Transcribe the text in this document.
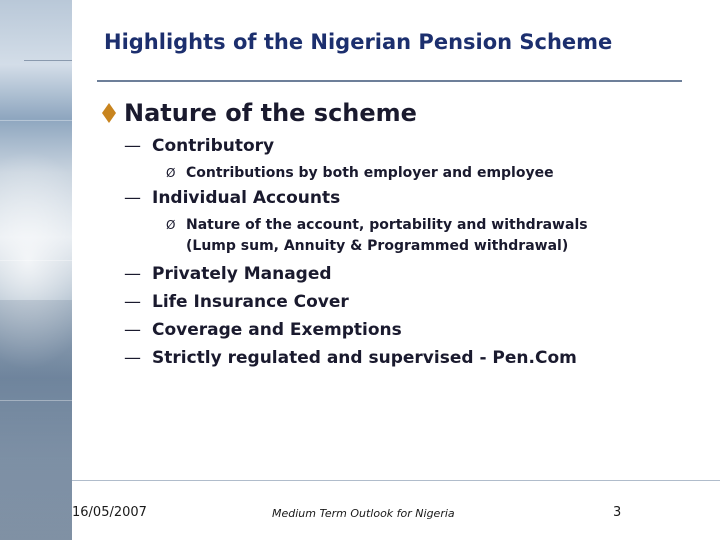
Highlights of the Nigerian Pension Scheme
Nature of the scheme
— Contributory
Ø Contributions by both employer and employee
— Individual Accounts
Ø Nature of the account, portability and withdrawals
(Lump sum, Annuity & Programmed withdrawal)
— Privately Managed
— Life Insurance Cover
— Coverage and Exemptions
— Strictly regulated and supervised - Pen.Com
16/05/2007	Medium Term Outlook for Nigeria	3
